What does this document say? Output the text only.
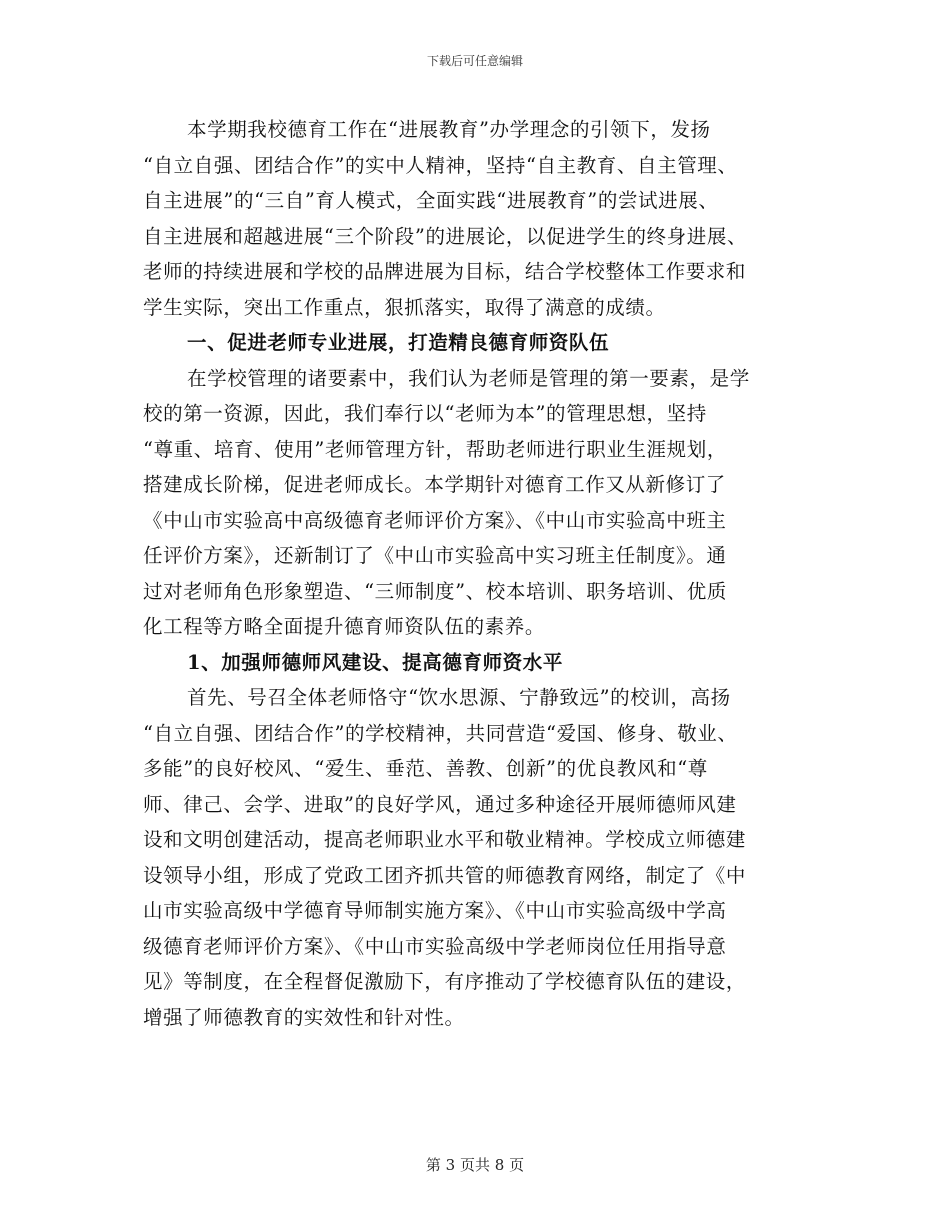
下载后可任意编辑
本学期我校德育工作在“进展教育”办学理念的引领下，发扬
“自立自强、团结合作”的实中人精神，坚持“自主教育、自主管理、
自主进展”的“三自”育人模式，全面实践“进展教育”的尝试进展、
自主进展和超越进展“三个阶段”的进展论，以促进学生的终身进展、
老师的持续进展和学校的品牌进展为目标，结合学校整体工作要求和
学生实际，突出工作重点，狠抓落实，取得了满意的成绩。
一、促进老师专业进展，打造精良德育师资队伍
在学校管理的诸要素中，我们认为老师是管理的第一要素，是学
校的第一资源，因此，我们奉行以“老师为本”的管理思想，坚持
“尊重、培育、使用”老师管理方针，帮助老师进行职业生涯规划，
搭建成长阶梯，促进老师成长。本学期针对德育工作又从新修订了
《中山市实验高中高级德育老师评价方案》、《中山市实验高中班主
任评价方案》，还新制订了《中山市实验高中实习班主任制度》。通
过对老师角色形象塑造、“三师制度”、校本培训、职务培训、优质
化工程等方略全面提升德育师资队伍的素养。
1、加强师德师风建设、提高德育师资水平
首先、号召全体老师恪守“饮水思源、宁静致远”的校训，高扬
“自立自强、团结合作”的学校精神，共同营造“爱国、修身、敬业、
多能”的良好校风、“爱生、垂范、善教、创新”的优良教风和“尊
师、律己、会学、进取”的良好学风，通过多种途径开展师德师风建
设和文明创建活动，提高老师职业水平和敬业精神。学校成立师德建
设领导小组，形成了党政工团齐抓共管的师德教育网络，制定了《中
山市实验高级中学德育导师制实施方案》、《中山市实验高级中学高
级德育老师评价方案》、《中山市实验高级中学老师岗位任用指导意
见》等制度，在全程督促激励下，有序推动了学校德育队伍的建设，
增强了师德教育的实效性和针对性。
第 3 页共 8 页
